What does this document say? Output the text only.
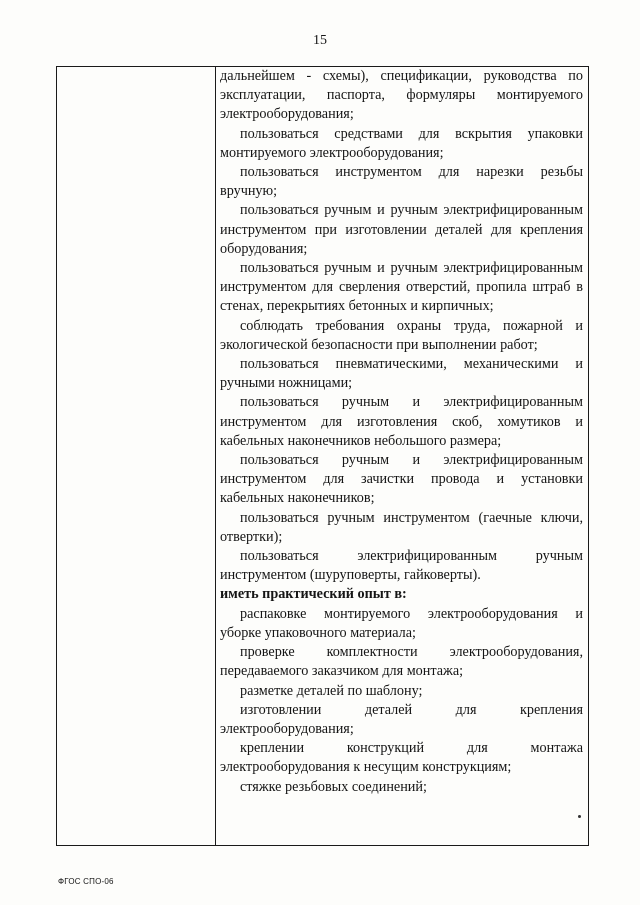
15

дальнейшем - схемы), спецификации, руководства по эксплуатации, паспорта, формуляры монтируемого электрооборудования;

пользоваться средствами для вскрытия упаковки монтируемого электрооборудования;

пользоваться инструментом для нарезки резьбы вручную;

пользоваться ручным и ручным электрифицированным инструментом при изготовлении деталей для крепления оборудования;

пользоваться ручным и ручным электрифицированным инструментом для сверления отверстий, пропила штраб в стенах, перекрытиях бетонных и кирпичных;

соблюдать требования охраны труда, пожарной и экологической безопасности при выполнении работ;

пользоваться пневматическими, механическими и ручными ножницами;

пользоваться ручным и электрифицированным инструментом для изготовления скоб, хомутиков и кабельных наконечников небольшого размера;

пользоваться ручным и электрифицированным инструментом для зачистки провода и установки кабельных наконечников;

пользоваться ручным инструментом (гаечные ключи, отвертки);

пользоваться электрифицированным ручным инструментом (шуруповерты, гайковерты).

иметь практический опыт в:

распаковке монтируемого электрооборудования и уборке упаковочного материала;

проверке комплектности электрооборудования, передаваемого заказчиком для монтажа;

разметке деталей по шаблону;

изготовлении деталей для крепления электрооборудования;

креплении конструкций для монтажа электрооборудования к несущим конструкциям;

стяжке резьбовых соединений;

ФГОС СПО-06
